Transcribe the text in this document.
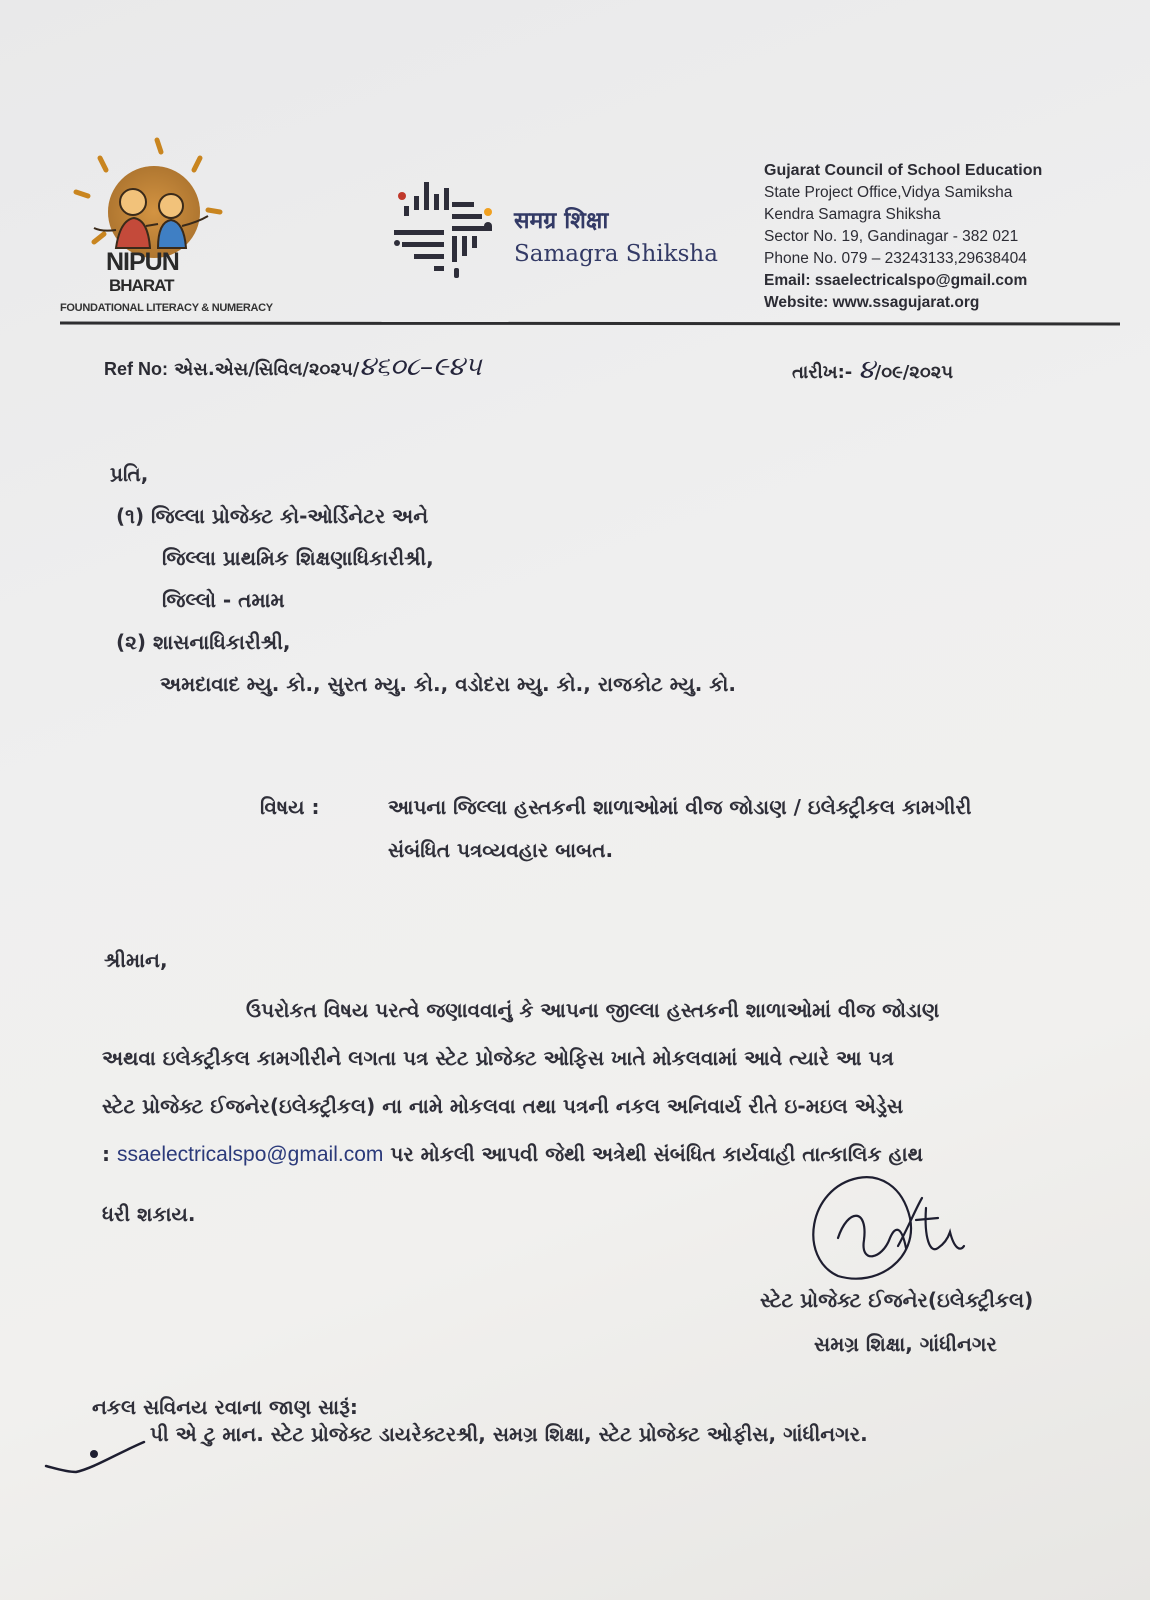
NIPUN
BHARAT
FOUNDATIONAL LITERACY & NUMERACY
समग्र शिक्षा
Samagra Shiksha
Gujarat Council of School Education
State Project Office,Vidya Samiksha
Kendra Samagra Shiksha
Sector No. 19, Gandinagar - 382 021
Phone No. 079 – 23243133,29638404
Email: ssaelectricalspo@gmail.com
Website: www.ssagujarat.org
Ref No: એસ.એસ/સિવિલ/૨૦૨૫/૪૬૦૮–૯૪૫	તારીખ:- ૪/૦૯/૨૦૨૫
પ્રતિ,
(૧) જિલ્લા પ્રોજેક્ટ કો-ઓર્ડિનેટર અને
જિલ્લા પ્રાથમિક શિક્ષણાધિકારીશ્રી,
જિલ્લો - તમામ
(૨) શાસનાધિકારીશ્રી,
અમદાવાદ મ્યુ. કો., સુરત મ્યુ. કો., વડોદરા મ્યુ. કો., રાજકોટ મ્યુ. કો.
વિષય :	આપના જિલ્લા હસ્તકની શાળાઓમાં વીજ જોડાણ / ઇલેક્ટ્રીકલ કામગીરી
સંબંધિત પત્રવ્યવહાર બાબત.
શ્રીમાન,
ઉપરોકત વિષય પરત્વે જણાવવાનું કે આપના જીલ્લા હસ્તકની શાળાઓમાં વીજ જોડાણ
અથવા ઇલેક્ટ્રીકલ કામગીરીને લગતા પત્ર સ્ટેટ પ્રોજેક્ટ ઓફિસ ખાતે મોકલવામાં આવે ત્યારે આ પત્ર
સ્ટેટ પ્રોજેક્ટ ઈજનેર(ઇલેક્ટ્રીકલ) ના નામે મોકલવા તથા પત્રની નકલ અનિવાર્ય રીતે ઇ-મઇલ એડ્રેસ
: ssaelectricalspo@gmail.com પર મોકલી આપવી જેથી અત્રેથી સંબંધિત કાર્યવાહી તાત્કાલિક હાથ
ધરી શકાય.
સ્ટેટ પ્રોજેક્ટ ઈજનેર(ઇલેક્ટ્રીકલ)
સમગ્ર શિક્ષા, ગાંધીનગર
નકલ સવિનય રવાના જાણ સારૂં:
પી એ ટુ માન. સ્ટેટ પ્રોજેક્ટ ડાયરેક્ટરશ્રી, સમગ્ર શિક્ષા, સ્ટેટ પ્રોજેક્ટ ઓફીસ, ગાંધીનગર.
